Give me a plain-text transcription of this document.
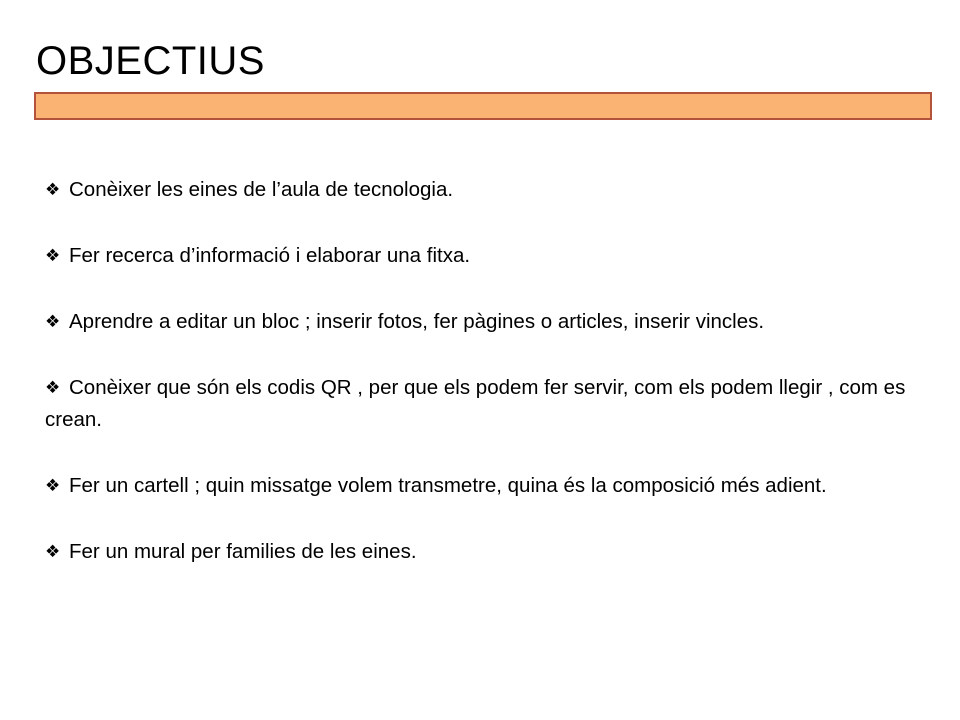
OBJECTIUS
❖ Conèixer les eines de l’aula de tecnologia.
❖ Fer recerca d’informació i elaborar una fitxa.
❖ Aprendre a editar un bloc ; inserir fotos, fer pàgines o articles, inserir vincles.
❖ Conèixer que són els codis QR , per que els podem fer servir, com els podem llegir , com es crean.
❖ Fer un cartell ; quin missatge volem transmetre, quina és la composició més adient.
❖ Fer un mural per families de les eines.
